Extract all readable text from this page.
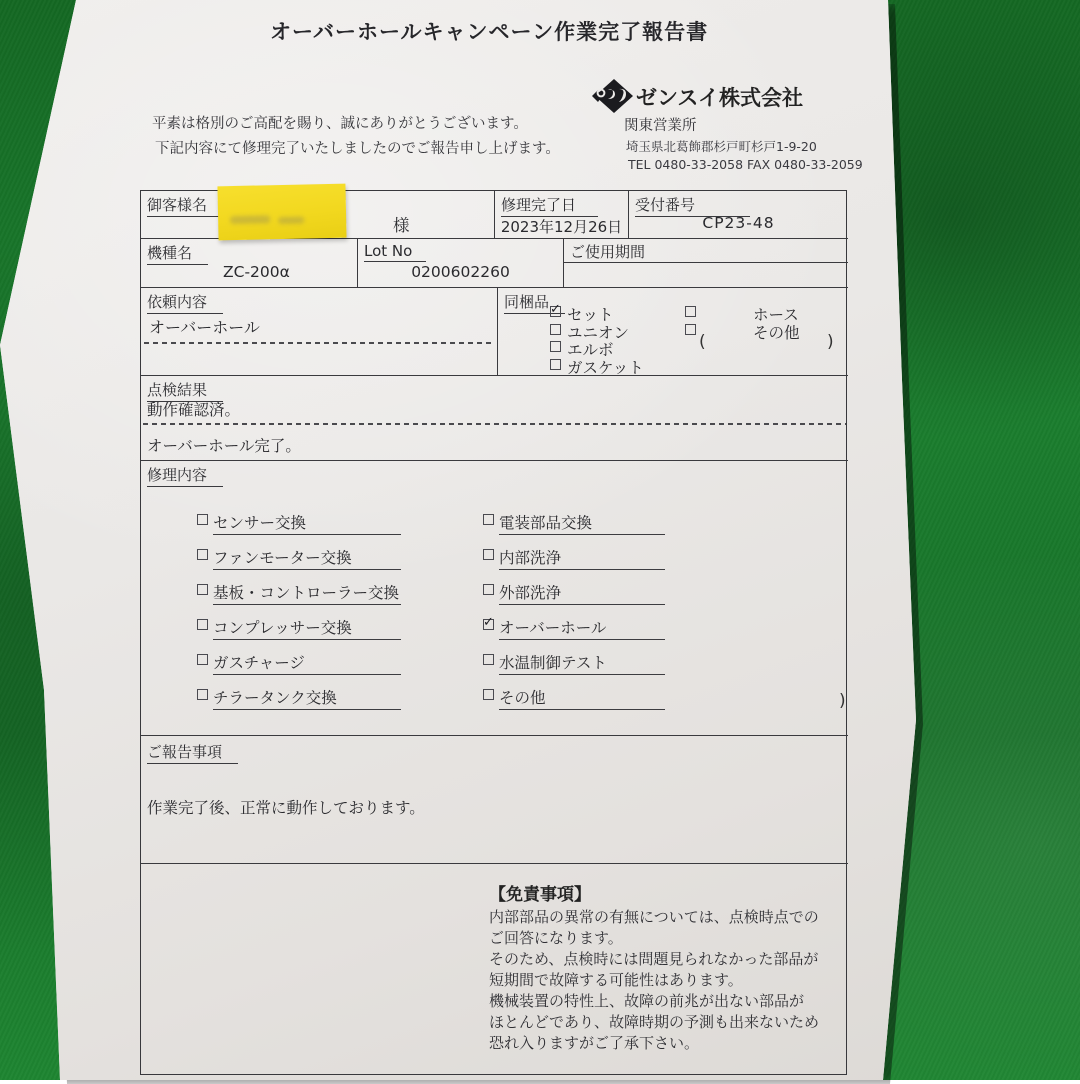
オーバーホールキャンペーン作業完了報告書
平素は格別のご高配を賜り、誠にありがとうございます。
下記内容にて修理完了いたしましたのでご報告申し上げます。
ゼンスイ株式会社
関東営業所
埼玉県北葛飾郡杉戸町杉戸1-9-20
TEL 0480-33-2058 FAX 0480-33-2059
御客様名
様
修理完了日
2023年12月26日
受付番号
CP23-48
機種名
ZC-200α
Lot No
0200602260
ご使用期間
依頼内容
オーバーホール
同梱品 ✓ セット
ユニオン
エルボ
ガスケット
ホース
その他
(	)
点検結果
動作確認済。
オーバーホール完了。
修理内容
センサー交換
ファンモーター交換
基板・コントローラー交換
コンプレッサー交換
ガスチャージ
チラータンク交換
電装部品交換
内部洗浄
外部洗浄
✓ オーバーホール
水温制御テスト
その他	)
ご報告事項
作業完了後、正常に動作しております。
【免責事項】
内部部品の異常の有無については、点検時点での
ご回答になります。
そのため、点検時には問題見られなかった部品が
短期間で故障する可能性はあります。
機械装置の特性上、故障の前兆が出ない部品が
ほとんどであり、故障時期の予測も出来ないため
恐れ入りますがご了承下さい。
